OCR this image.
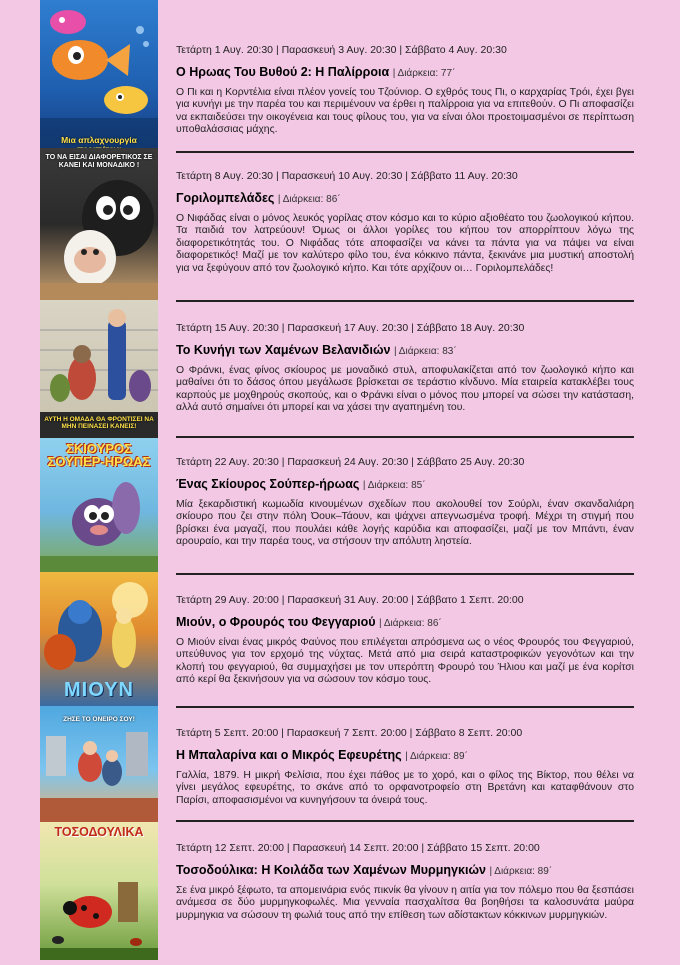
Μια απλαχνουργία
ΤΟ ΝΑ ΕΙΣΑΙ ΔΙΑΦΟΡΕΤΙΚΟΣ ΣΕ ΚΑΝΕΙ ΚΑΙ ΜΟΝΑΔΙΚΟ !
ΑΥΤΗ Η ΟΜΑΔΑ ΘΑ ΦΡΟΝΤΙΣΕΙ ΝΑ ΜΗΝ ΠΕΙΝΑΣΕΙ ΚΑΝΕΙΣ!
ΣΚΙΟΥΡΟΣ ΣΟΥΠΕΡ-ΗΡΩΑΣ
ΜΙΟΥΝ
ΖΗΣΕ ΤΟ ΟΝΕΙΡΟ ΣΟΥ!
ΤΟΣΟΔΟΥΛΙΚΑ
Τετάρτη 1 Αυγ. 20:30 | Παρασκευή 3 Αυγ. 20:30 | Σάββατο 4 Αυγ. 20:30
Ο Ηρωας Του Βυθού 2: Η Παλίρροια | Διάρκεια: 77΄
Ο Πι και η Κορντέλια είναι πλέον γονείς του Τζούνιορ. Ο εχθρός τους Πι, ο καρχαρίας Τρόι, έχει βγει για κυνήγι με την παρέα του και περιμένουν να έρθει η παλίρροια για να επιτεθούν. Ο Πι αποφασίζει να εκπαιδεύσει την οικογένεια και τους φίλους του, για να είναι όλοι προετοιμασμένοι σε περίπτωση υποθαλάσσιας μάχης.
Τετάρτη 8 Αυγ. 20:30 | Παρασκευή 10 Αυγ. 20:30 | Σάββατο 11 Αυγ. 20:30
Γοριλομπελάδες | Διάρκεια: 86΄
Ο Νιφάδας είναι ο μόνος λευκός γορίλας στον κόσμο και το κύριο αξιοθέατο του ζωολογικού κήπου. Τα παιδιά τον λατρεύουν! Όμως οι άλλοι γορίλες του κήπου τον απορρίπτουν λόγω της διαφορετικότητάς του. Ο Νιφάδας τότε αποφασίζει να κάνει τα πάντα για να πάψει να είναι διαφορετικός! Μαζί με τον καλύτερο φίλο του, ένα κόκκινο πάντα, ξεκινάνε μια μυστική αποστολή για να ξεφύγουν από τον ζωολογικό κήπο. Και τότε αρχίζουν οι… Γοριλομπελάδες!
Τετάρτη 15 Αυγ. 20:30 | Παρασκευή 17 Αυγ. 20:30 | Σάββατο 18 Αυγ. 20:30
Το Κυνήγι των Χαμένων Βελανιδιών | Διάρκεια: 83΄
Ο Φράνκι, ένας φίνος σκίουρος με μοναδικό στυλ, αποφυλακίζεται από τον ζωολογικό κήπο και μαθαίνει ότι το δάσος όπου μεγάλωσε βρίσκεται σε τεράστιο κίνδυνο. Μία εταιρεία κατακλέβει τους καρπούς με μοχθηρούς σκοπούς, και ο Φράνκι είναι ο μόνος που μπορεί να σώσει την κατάσταση, αλλά αυτό σημαίνει ότι μπορεί και να χάσει την αγαπημένη του.
Τετάρτη 22 Αυγ. 20:30 | Παρασκευή 24 Αυγ. 20:30 | Σάββατο 25 Αυγ. 20:30
Ένας Σκίουρος Σούπερ-ήρωας | Διάρκεια: 85΄
Μία ξεκαρδιστική κωμωδία κινουμένων σχεδίων που ακολουθεί τον Σούρλι, έναν σκανδαλιάρη σκίουρο που ζει στην πόλη Όουκ–Τάουν, και ψάχνει απεγνωσμένα τροφή. Μέχρι τη στιγμή που βρίσκει ένα μαγαζί, που πουλάει κάθε λογής καρύδια και αποφασίζει, μαζί με τον Μπάντι, έναν αρουραίο, και την παρέα τους, να στήσουν την απόλυτη ληστεία.
Τετάρτη 29 Αυγ. 20:00 | Παρασκευή 31 Αυγ. 20:00 | Σάββατο 1 Σεπτ. 20:00
Μιούν, ο Φρουρός του Φεγγαριού | Διάρκεια: 86΄
Ο Μιούν είναι ένας μικρός Φαύνος που επιλέγεται απρόσμενα ως ο νέος Φρουρός του Φεγγαριού, υπεύθυνος για τον ερχομό της νύχτας. Μετά από μια σειρά καταστροφικών γεγονότων και την κλοπή του φεγγαριού, θα συμμαχήσει με τον υπερόπτη Φρουρό του Ήλιου και μαζί με ένα κορίτσι από κερί θα ξεκινήσουν για να σώσουν τον κόσμο τους.
Τετάρτη 5 Σεπτ. 20:00 | Παρασκευή 7 Σεπτ. 20:00 | Σάββατο 8 Σεπτ. 20:00
Η Μπαλαρίνα και ο Μικρός Εφευρέτης | Διάρκεια: 89΄
Γαλλία, 1879. Η μικρή Φελίσια, που έχει πάθος με το χορό, και ο φίλος της Βίκτορ, που θέλει να γίνει μεγάλος εφευρέτης, το σκάνε από το ορφανοτροφείο στη Βρετάνη και καταφθάνουν στο Παρίσι, αποφασισμένοι να κυνηγήσουν τα όνειρά τους.
Τετάρτη 12 Σεπτ. 20:00 | Παρασκευή 14 Σεπτ. 20:00 | Σάββατο 15 Σεπτ. 20:00
Τοσοδούλικα: Η Κοιλάδα των Χαμένων Μυρμηγκιών | Διάρκεια: 89΄
Σε ένα μικρό ξέφωτο, τα απομεινάρια ενός πικνίκ θα γίνουν η αιτία για τον πόλεμο που θα ξεσπάσει ανάμεσα σε δύο μυρμηγκοφωλές. Μια γενναία πασχαλίτσα θα βοηθήσει τα καλοσυνάτα μαύρα μυρμηγκια να σώσουν τη φωλιά τους από την επίθεση των αδίστακτων κόκκινων μυρμηγκιών.
